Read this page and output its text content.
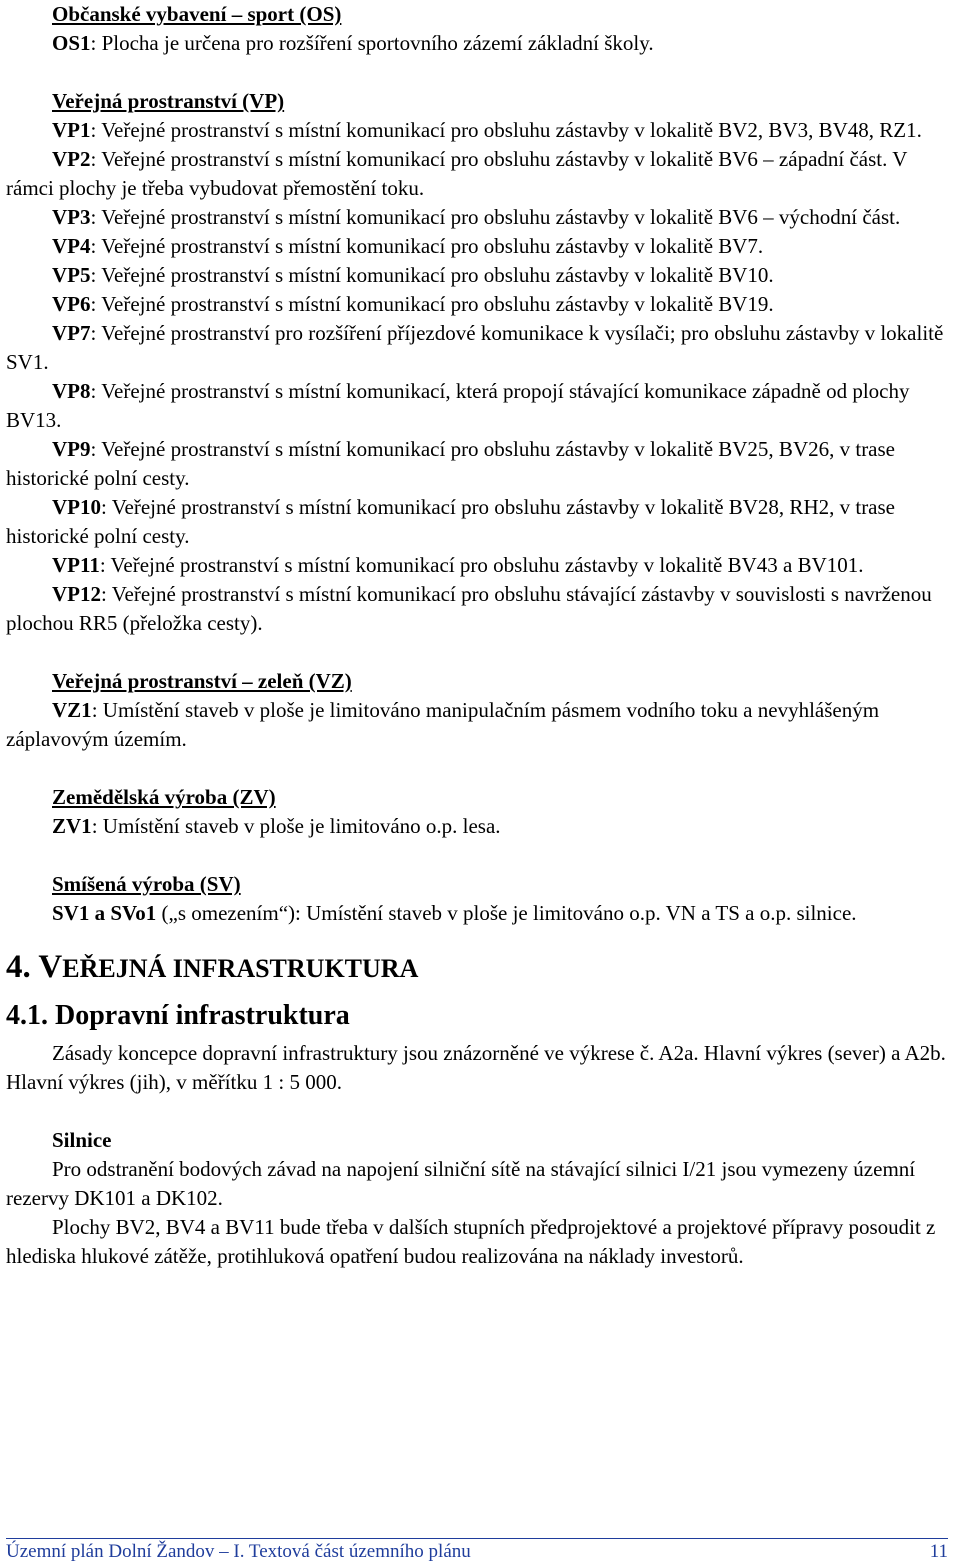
Občanské vybavení – sport (OS)

OS1: Plocha je určena pro rozšíření sportovního zázemí základní školy.

Veřejná prostranství (VP)

VP1: Veřejné prostranství s místní komunikací pro obsluhu zástavby v lokalitě BV2, BV3, BV48, RZ1.

VP2: Veřejné prostranství s místní komunikací pro obsluhu zástavby v lokalitě BV6 – západní část. V rámci plochy je třeba vybudovat přemostění toku.

VP3: Veřejné prostranství s místní komunikací pro obsluhu zástavby v lokalitě BV6 – východní část.

VP4: Veřejné prostranství s místní komunikací pro obsluhu zástavby v lokalitě BV7.

VP5: Veřejné prostranství s místní komunikací pro obsluhu zástavby v lokalitě BV10.

VP6: Veřejné prostranství s místní komunikací pro obsluhu zástavby v lokalitě BV19.

VP7: Veřejné prostranství pro rozšíření příjezdové komunikace k vysílači; pro obsluhu zástavby v lokalitě SV1.

VP8: Veřejné prostranství s místní komunikací, která propojí stávající komunikace západně od plochy BV13.

VP9: Veřejné prostranství s místní komunikací pro obsluhu zástavby v lokalitě BV25, BV26, v trase historické polní cesty.

VP10: Veřejné prostranství s místní komunikací pro obsluhu zástavby v lokalitě BV28, RH2, v trase historické polní cesty.

VP11: Veřejné prostranství s místní komunikací pro obsluhu zástavby v lokalitě BV43 a BV101.

VP12: Veřejné prostranství s místní komunikací pro obsluhu stávající zástavby v souvislosti s navrženou plochou RR5 (přeložka cesty).

Veřejná prostranství – zeleň (VZ)

VZ1: Umístění staveb v ploše je limitováno manipulačním pásmem vodního toku a nevyhlášeným záplavovým územím.

Zemědělská výroba (ZV)

ZV1: Umístění staveb v ploše je limitováno o.p. lesa.

Smíšená výroba (SV)

SV1 a SVo1 („s omezením“): Umístění staveb v ploše je limitováno o.p. VN a TS a o.p. silnice.

4. VEŘEJNÁ INFRASTRUKTURA
4.1. Dopravní infrastruktura

Zásady koncepce dopravní infrastruktury jsou znázorněné ve výkrese č. A2a. Hlavní výkres (sever) a A2b. Hlavní výkres (jih), v měřítku 1 : 5 000.

Silnice

Pro odstranění bodových závad na napojení silniční sítě na stávající silnici I/21 jsou vymezeny územní rezervy DK101 a DK102.

Plochy BV2, BV4 a BV11 bude třeba v dalších stupních předprojektové a projektové přípravy posoudit z hlediska hlukové zátěže, protihluková opatření budou realizována na náklady investorů.

Územní plán Dolní Žandov – I. Textová část územního plánu	11
